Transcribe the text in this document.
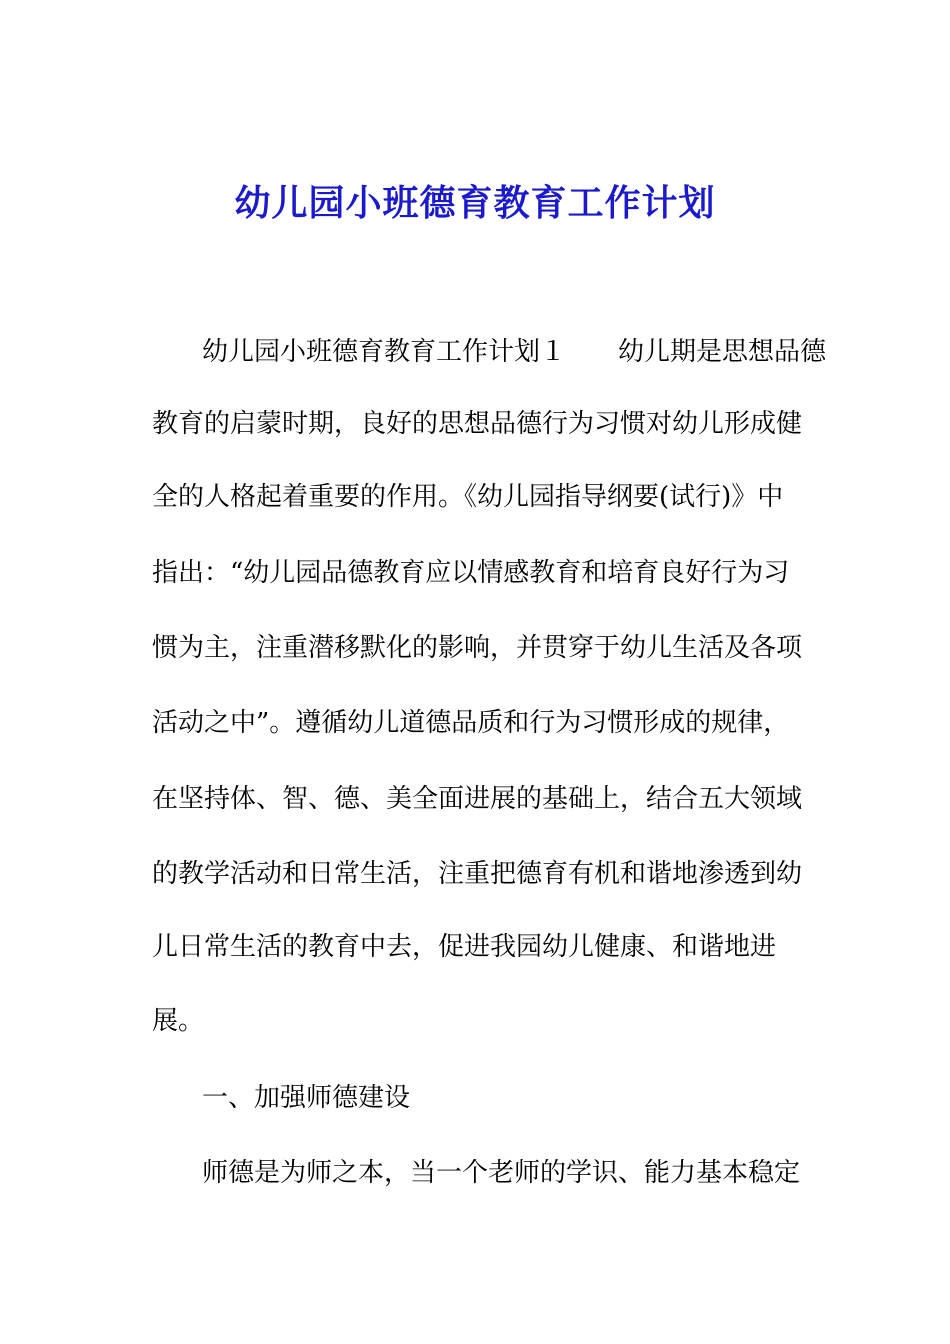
幼儿园小班德育教育工作计划

幼儿园小班德育教育工作计划１　　幼儿期是思想品德

教育的启蒙时期，良好的思想品德行为习惯对幼儿形成健

全的人格起着重要的作用。《幼儿园指导纲要(试行)》中

指出：“幼儿园品德教育应以情感教育和培育良好行为习

惯为主，注重潜移默化的影响，并贯穿于幼儿生活及各项

活动之中”。遵循幼儿道德品质和行为习惯形成的规律，

在坚持体、智、德、美全面进展的基础上，结合五大领域

的教学活动和日常生活，注重把德育有机和谐地渗透到幼

儿日常生活的教育中去，促进我园幼儿健康、和谐地进

展。

一、加强师德建设

师德是为师之本，当一个老师的学识、能力基本稳定
